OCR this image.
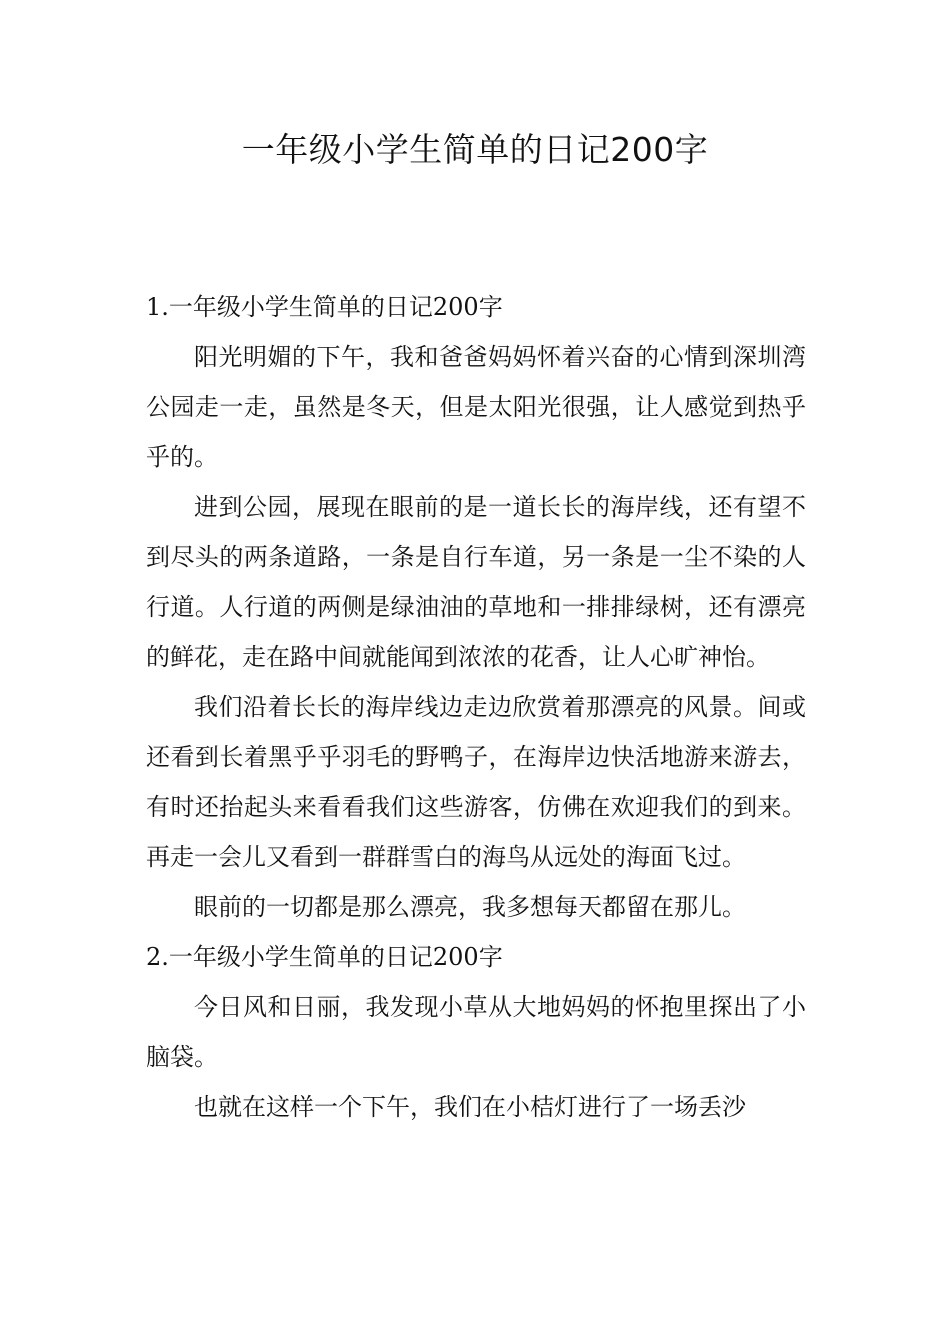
一年级小学生简单的日记200字

1.一年级小学生简单的日记200字

阳光明媚的下午，我和爸爸妈妈怀着兴奋的心情到深圳湾公园走一走，虽然是冬天，但是太阳光很强，让人感觉到热乎乎的。

进到公园，展现在眼前的是一道长长的海岸线，还有望不到尽头的两条道路，一条是自行车道，另一条是一尘不染的人行道。人行道的两侧是绿油油的草地和一排排绿树，还有漂亮的鲜花，走在路中间就能闻到浓浓的花香，让人心旷神怡。

我们沿着长长的海岸线边走边欣赏着那漂亮的风景。间或还看到长着黑乎乎羽毛的野鸭子，在海岸边快活地游来游去，有时还抬起头来看看我们这些游客，仿佛在欢迎我们的到来。再走一会儿又看到一群群雪白的海鸟从远处的海面飞过。

眼前的一切都是那么漂亮，我多想每天都留在那儿。

2.一年级小学生简单的日记200字

今日风和日丽，我发现小草从大地妈妈的怀抱里探出了小脑袋。

也就在这样一个下午，我们在小桔灯进行了一场丢沙
